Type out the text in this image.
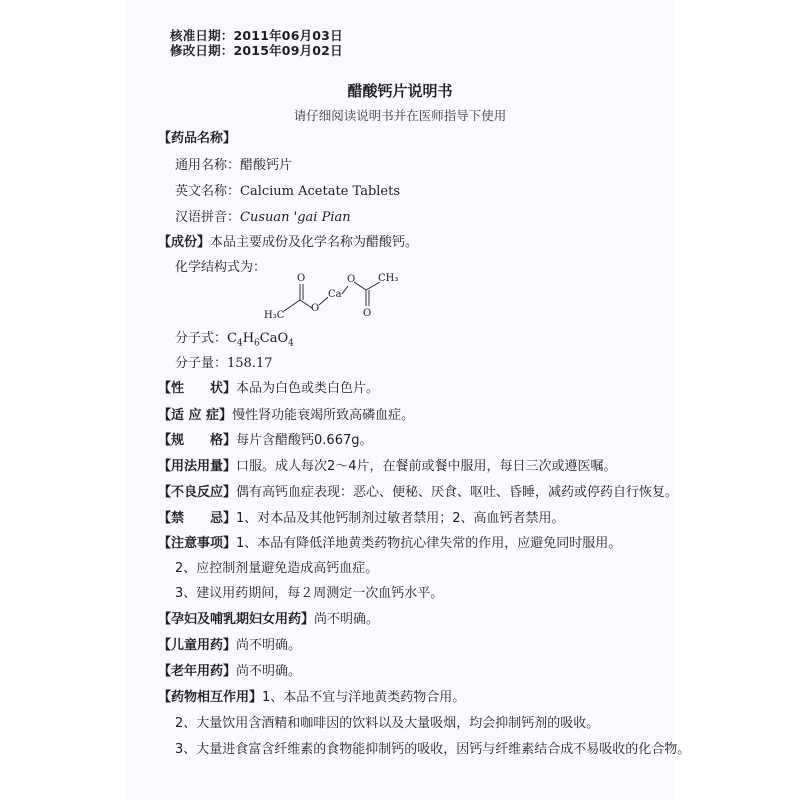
核准日期：2011年06月03日
修改日期：2015年09月02日
醋酸钙片说明书
请仔细阅读说明书并在医师指导下使用
【药品名称】
通用名称：醋酸钙片
英文名称：Calcium Acetate Tablets
汉语拼音：Cusuan 'gai Pian
【成份】本品主要成份及化学名称为醋酸钙。
化学结构式为：
Ca
O
O	O
O
H₃C
CH₃
分子式：$C_4H_6CaO_4$
分子量：158.17
【性　　状】本品为白色或类白色片。
【适 应 症】慢性肾功能衰竭所致高磷血症。
【规　　格】每片含醋酸钙0.667g。
【用法用量】口服。成人每次2～4片，在餐前或餐中服用，每日三次或遵医嘱。
【不良反应】偶有高钙血症表现：恶心、便秘、厌食、呕吐、昏睡，减药或停药自行恢复。
【禁　　忌】1、对本品及其他钙制剂过敏者禁用；2、高血钙者禁用。
【注意事项】1、本品有降低洋地黄类药物抗心律失常的作用，应避免同时服用。
2、应控制剂量避免造成高钙血症。
3、建议用药期间，每２周测定一次血钙水平。
【孕妇及哺乳期妇女用药】尚不明确。
【儿童用药】尚不明确。
【老年用药】尚不明确。
【药物相互作用】1、本品不宜与洋地黄类药物合用。
2、大量饮用含酒精和咖啡因的饮料以及大量吸烟，均会抑制钙剂的吸收。
3、大量进食富含纤维素的食物能抑制钙的吸收，因钙与纤维素结合成不易吸收的化合物。
